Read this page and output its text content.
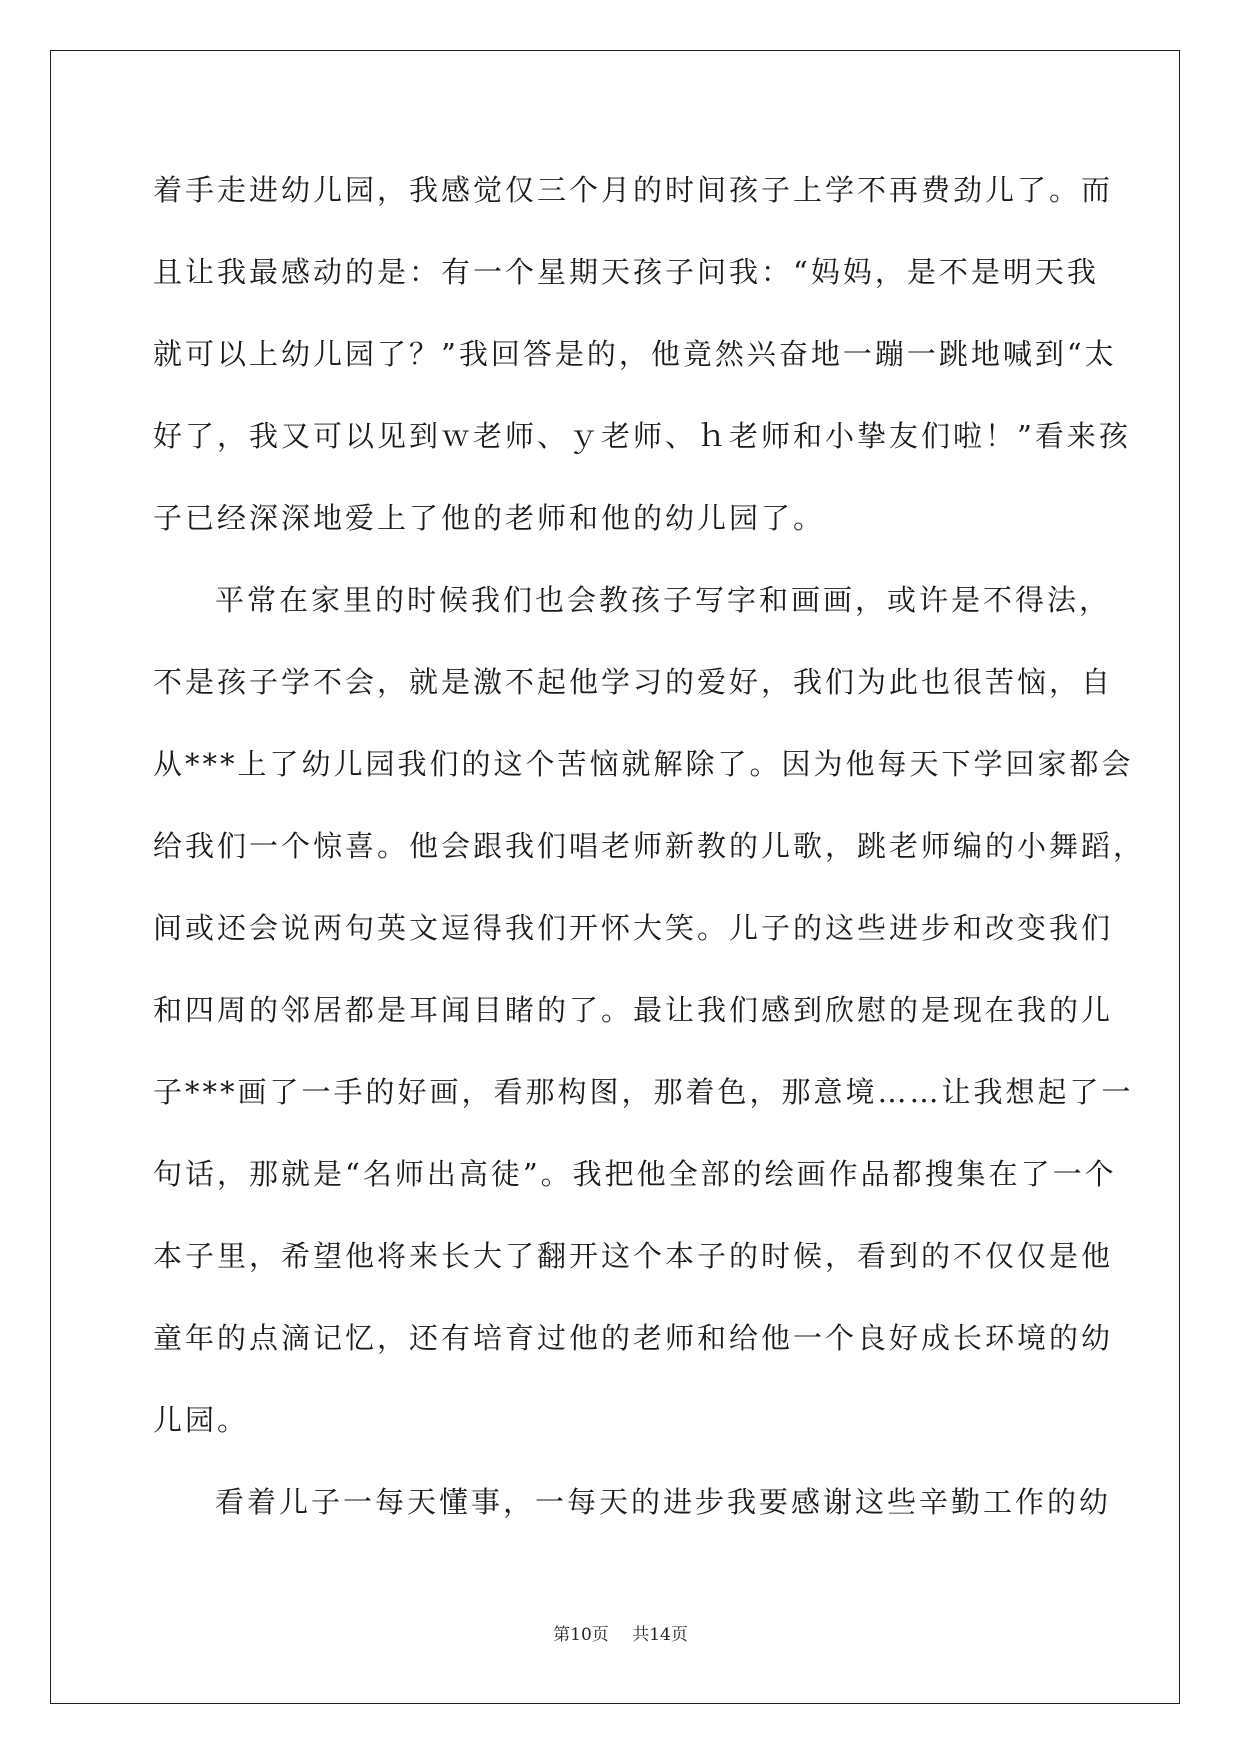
着手走进幼儿园，我感觉仅三个月的时间孩子上学不再费劲儿了。而
且让我最感动的是：有一个星期天孩子问我：“妈妈，是不是明天我
就可以上幼儿园了？”我回答是的，他竟然兴奋地一蹦一跳地喊到“太
好了，我又可以见到ｗ老师、ｙ老师、ｈ老师和小挚友们啦！”看来孩
子已经深深地爱上了他的老师和他的幼儿园了。
平常在家里的时候我们也会教孩子写字和画画，或许是不得法，
不是孩子学不会，就是激不起他学习的爱好，我们为此也很苦恼，自
从***上了幼儿园我们的这个苦恼就解除了。因为他每天下学回家都会
给我们一个惊喜。他会跟我们唱老师新教的儿歌，跳老师编的小舞蹈，
间或还会说两句英文逗得我们开怀大笑。儿子的这些进步和改变我们
和四周的邻居都是耳闻目睹的了。最让我们感到欣慰的是现在我的儿
子***画了一手的好画，看那构图，那着色，那意境……让我想起了一
句话，那就是“名师出高徒”。我把他全部的绘画作品都搜集在了一个
本子里，希望他将来长大了翻开这个本子的时候，看到的不仅仅是他
童年的点滴记忆，还有培育过他的老师和给他一个良好成长环境的幼
儿园。
看着儿子一每天懂事，一每天的进步我要感谢这些辛勤工作的幼
第10页 共14页
